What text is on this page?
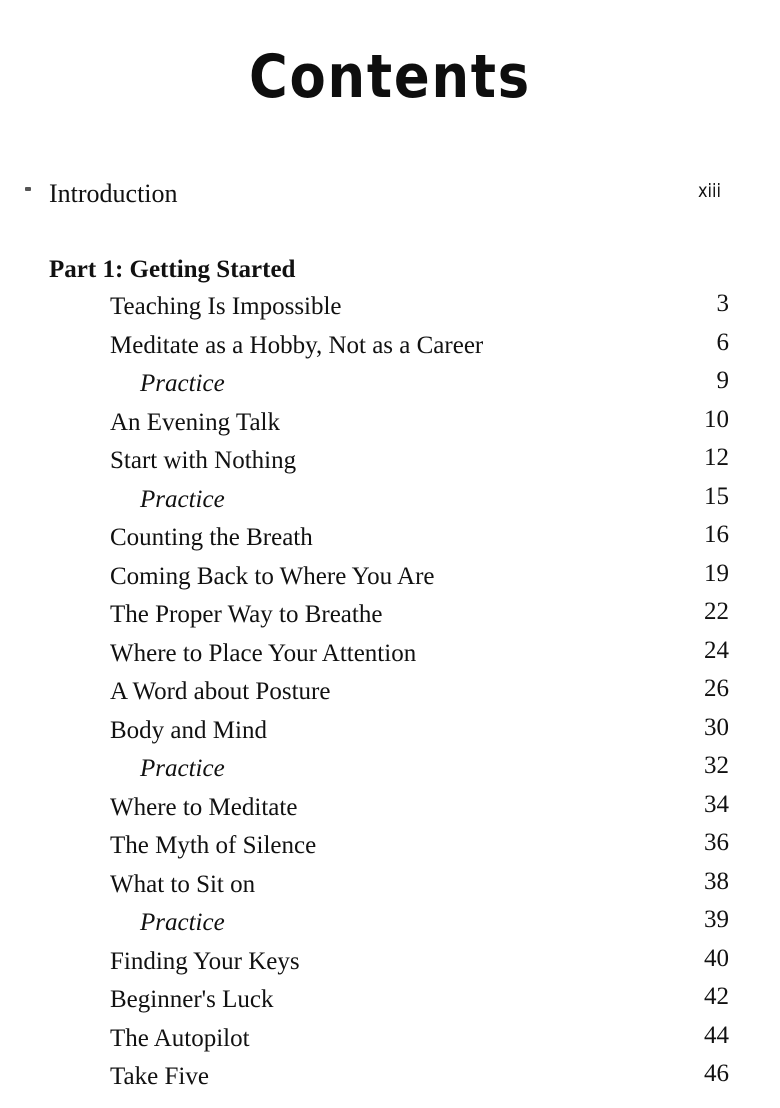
Contents
Introduction	xiii
Part 1: Getting Started
Teaching Is Impossible	3
Meditate as a Hobby, Not as a Career	6
Practice	9
An Evening Talk	10
Start with Nothing	12
Practice	15
Counting the Breath	16
Coming Back to Where You Are	19
The Proper Way to Breathe	22
Where to Place Your Attention	24
A Word about Posture	26
Body and Mind	30
Practice	32
Where to Meditate	34
The Myth of Silence	36
What to Sit on	38
Practice	39
Finding Your Keys	40
Beginner's Luck	42
The Autopilot	44
Take Five	46
